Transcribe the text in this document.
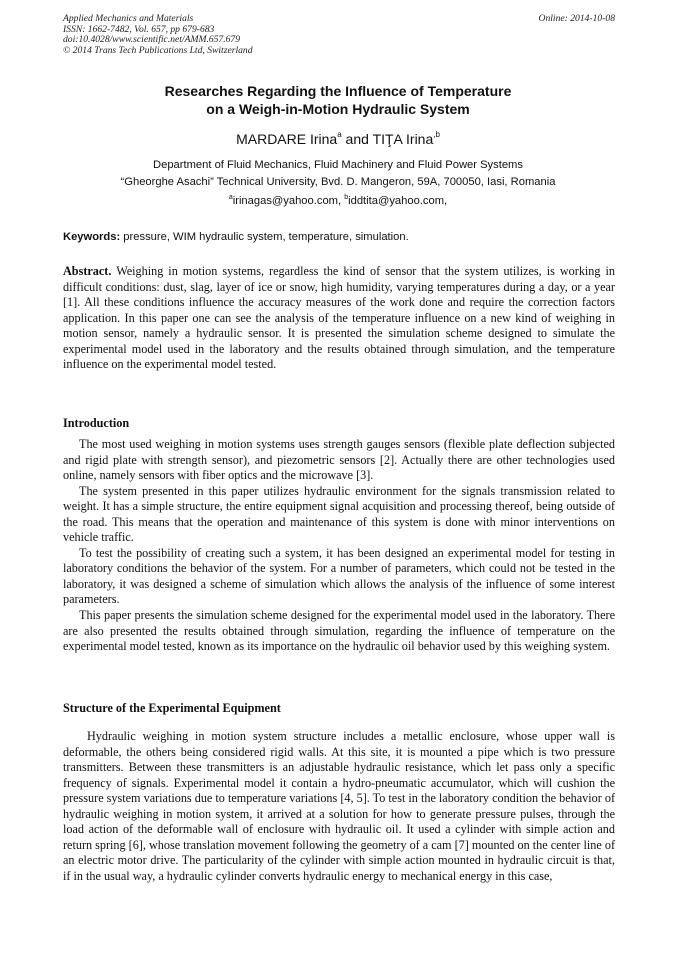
Applied Mechanics and Materials
ISSN: 1662-7482, Vol. 657, pp 679-683
doi:10.4028/www.scientific.net/AMM.657.679
© 2014 Trans Tech Publications Ltd, Switzerland
Online: 2014-10-08
Researches Regarding the Influence of Temperature
on a Weigh-in-Motion Hydraulic System
MARDARE Irina$^a$ and TIŢA Irina$^{,b}$
Department of Fluid Mechanics, Fluid Machinery and Fluid Power Systems
“Gheorghe Asachi” Technical University, Bvd. D. Mangeron, 59A, 700050, Iasi, Romania
$^a$irinagas@yahoo.com, $^b$iddtita@yahoo.com,
Keywords: pressure, WIM hydraulic system, temperature, simulation.

Abstract. Weighing in motion systems, regardless the kind of sensor that the system utilizes, is working in difficult conditions: dust, slag, layer of ice or snow, high humidity, varying temperatures during a day, or a year [1]. All these conditions influence the accuracy measures of the work done and require the correction factors application. In this paper one can see the analysis of the temperature influence on a new kind of weighing in motion sensor, namely a hydraulic sensor. It is presented the simulation scheme designed to simulate the experimental model used in the laboratory and the results obtained through simulation, and the temperature influence on the experimental model tested.

Introduction

The most used weighing in motion systems uses strength gauges sensors (flexible plate deflection subjected and rigid plate with strength sensor), and piezometric sensors [2]. Actually there are other technologies used online, namely sensors with fiber optics and the microwave [3].

The system presented in this paper utilizes hydraulic environment for the signals transmission related to weight. It has a simple structure, the entire equipment signal acquisition and processing thereof, being outside of the road. This means that the operation and maintenance of this system is done with minor interventions on vehicle traffic.

To test the possibility of creating such a system, it has been designed an experimental model for testing in laboratory conditions the behavior of the system. For a number of parameters, which could not be tested in the laboratory, it was designed a scheme of simulation which allows the analysis of the influence of some interest parameters.

This paper presents the simulation scheme designed for the experimental model used in the laboratory. There are also presented the results obtained through simulation, regarding the influence of temperature on the experimental model tested, known as its importance on the hydraulic oil behavior used by this weighing system.

Structure of the Experimental Equipment

Hydraulic weighing in motion system structure includes a metallic enclosure, whose upper wall is deformable, the others being considered rigid walls. At this site, it is mounted a pipe which is two pressure transmitters. Between these transmitters is an adjustable hydraulic resistance, which let pass only a specific frequency of signals. Experimental model it contain a hydro-pneumatic accumulator, which will cushion the pressure system variations due to temperature variations [4, 5]. To test in the laboratory condition the behavior of hydraulic weighing in motion system, it arrived at a solution for how to generate pressure pulses, through the load action of the deformable wall of enclosure with hydraulic oil. It used a cylinder with simple action and return spring [6], whose translation movement following the geometry of a cam [7] mounted on the center line of an electric motor drive. The particularity of the cylinder with simple action mounted in hydraulic circuit is that, if in the usual way, a hydraulic cylinder converts hydraulic energy to mechanical energy in this case,
